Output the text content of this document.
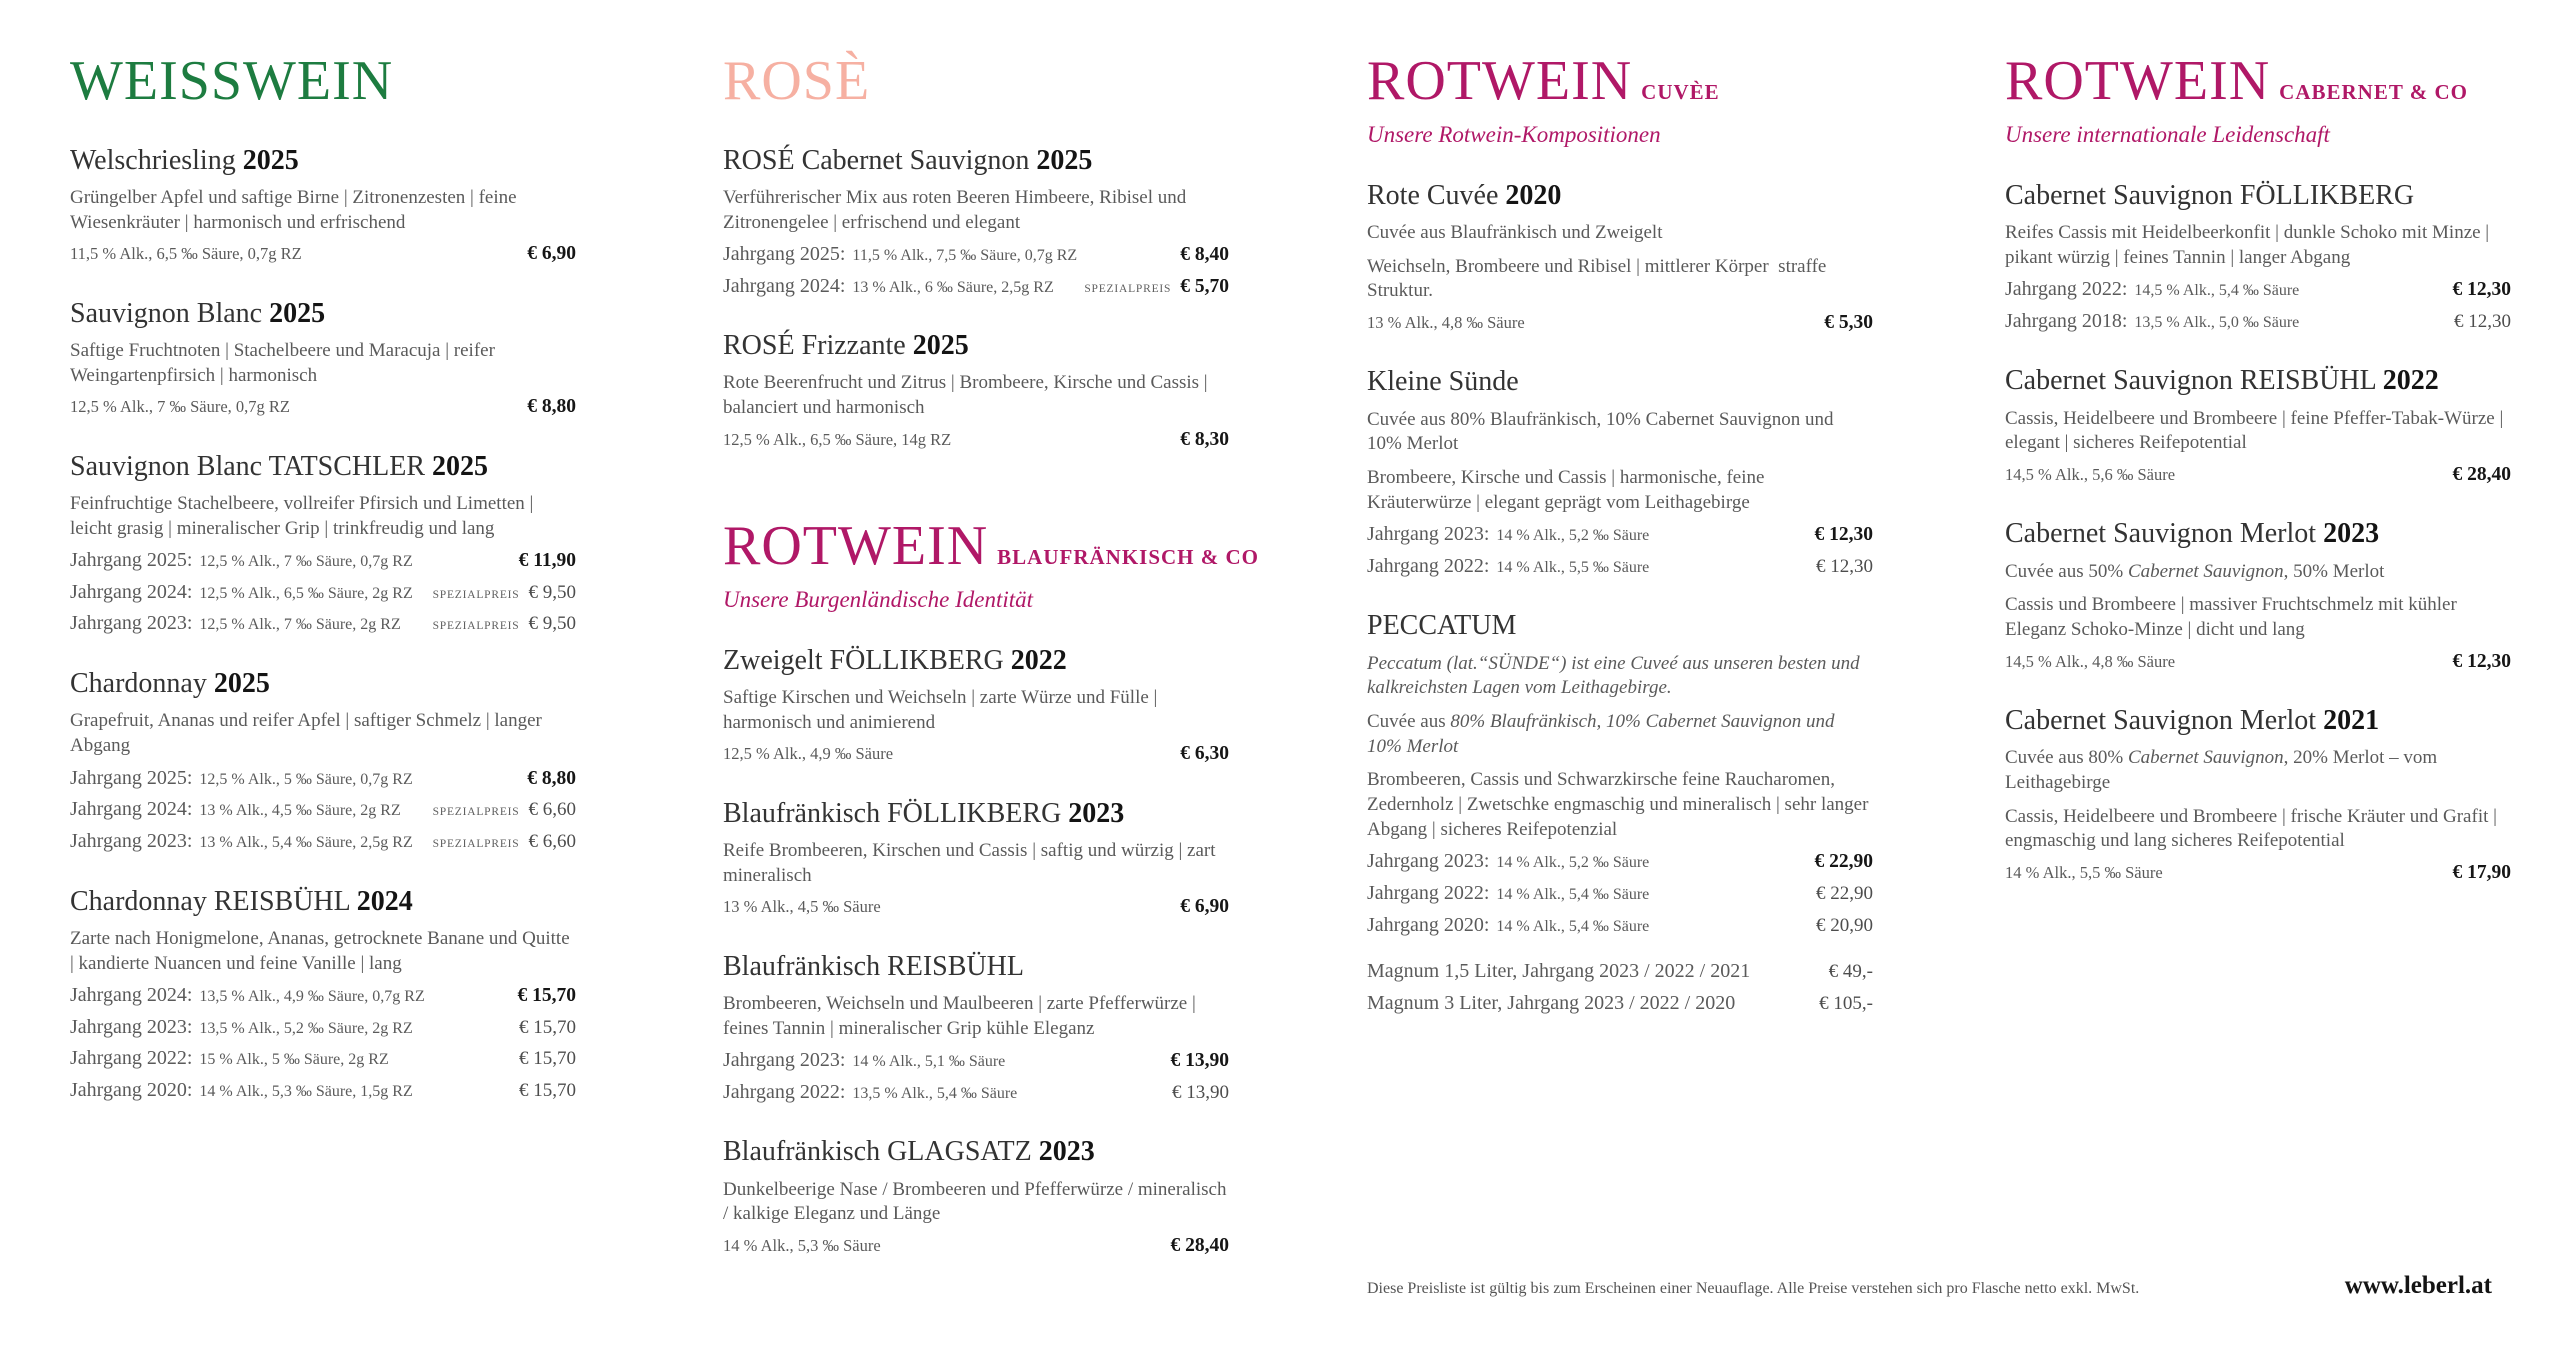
WEISSWEIN
Welschriesling 2025
Grüngelber Apfel und saftige Birne | Zitronenzesten | feine Wiesenkräuter | harmonisch und erfrischend
11,5 % Alk., 6,5 ‰ Säure, 0,7g RZ	€ 6,90
Sauvignon Blanc 2025
Saftige Fruchtnoten | Stachelbeere und Maracuja | reifer Weingartenpfirsich | harmonisch
12,5 % Alk., 7 ‰ Säure, 0,7g RZ	€ 8,80
Sauvignon Blanc TATSCHLER 2025
Feinfruchtige Stachelbeere, vollreifer Pfirsich und Limetten | leicht grasig | mineralischer Grip | trinkfreudig und lang
Jahrgang 2025: 12,5 % Alk., 7 ‰ Säure, 0,7g RZ	€ 11,90
Jahrgang 2024: 12,5 % Alk., 6,5 ‰ Säure, 2g RZ SPEZIALPREIS € 9,50
Jahrgang 2023: 12,5 % Alk., 7 ‰ Säure, 2g RZ	SPEZIALPREIS € 9,50
Chardonnay 2025
Grapefruit, Ananas und reifer Apfel | saftiger Schmelz | langer Abgang
Jahrgang 2025: 12,5 % Alk., 5 ‰ Säure, 0,7g RZ	€ 8,80
Jahrgang 2024: 13 % Alk., 4,5 ‰ Säure, 2g RZ	SPEZIALPREIS € 6,60
Jahrgang 2023: 13 % Alk., 5,4 ‰ Säure, 2,5g RZ SPEZIALPREIS € 6,60
Chardonnay REISBÜHL 2024
Zarte nach Honigmelone, Ananas, getrocknete Banane und Quitte | kandierte Nuancen und feine Vanille | lang
Jahrgang 2024: 13,5 % Alk., 4,9 ‰ Säure, 0,7g RZ	€ 15,70
Jahrgang 2023: 13,5 % Alk., 5,2 ‰ Säure, 2g RZ	€ 15,70
Jahrgang 2022: 15 % Alk., 5 ‰ Säure, 2g RZ	€ 15,70
Jahrgang 2020: 14 % Alk., 5,3 ‰ Säure, 1,5g RZ	€ 15,70
ROSÈ
ROSÉ Cabernet Sauvignon 2025
Verführerischer Mix aus roten Beeren Himbeere, Ribisel und Zitronengelee | erfrischend und elegant
Jahrgang 2025: 11,5 % Alk., 7,5 ‰ Säure, 0,7g RZ	€ 8,40
Jahrgang 2024: 13 % Alk., 6 ‰ Säure, 2,5g RZ	SPEZIALPREIS € 5,70
ROSÉ Frizzante 2025
Rote Beerenfrucht und Zitrus | Brombeere, Kirsche und Cassis | balanciert und harmonisch
12,5 % Alk., 6,5 ‰ Säure, 14g RZ	€ 8,30
ROTWEIN BLAUFRÄNKISCH & CO
Unsere Burgenländische Identität
Zweigelt FÖLLIKBERG 2022
Saftige Kirschen und Weichseln | zarte Würze und Fülle | harmonisch und animierend
12,5 % Alk., 4,9 ‰ Säure	€ 6,30
Blaufränkisch FÖLLIKBERG 2023
Reife Brombeeren, Kirschen und Cassis | saftig und würzig | zart mineralisch
13 % Alk., 4,5 ‰ Säure	€ 6,90
Blaufränkisch REISBÜHL
Brombeeren, Weichseln und Maulbeeren | zarte Pfefferwürze | feines Tannin | mineralischer Grip kühle Eleganz
Jahrgang 2023: 14 % Alk., 5,1 ‰ Säure	€ 13,90
Jahrgang 2022: 13,5 % Alk., 5,4 ‰ Säure	€ 13,90
Blaufränkisch GLAGSATZ 2023
Dunkelbeerige Nase / Brombeeren und Pfefferwürze / mineralisch / kalkige Eleganz und Länge
14 % Alk., 5,3 ‰ Säure	€ 28,40
ROTWEIN CUVÈE
Unsere Rotwein-Kompositionen
Rote Cuvée 2020
Cuvée aus Blaufränkisch und Zweigelt
Weichseln, Brombeere und Ribisel | mittlerer Körper  straffe Struktur.
13 % Alk., 4,8 ‰ Säure	€ 5,30
Kleine Sünde
Cuvée aus 80% Blaufränkisch, 10% Cabernet Sauvignon und 10% Merlot
Brombeere, Kirsche und Cassis | harmonische, feine Kräuterwürze | elegant geprägt vom Leithagebirge
Jahrgang 2023: 14 % Alk., 5,2 ‰ Säure	€ 12,30
Jahrgang 2022: 14 % Alk., 5,5 ‰ Säure	€ 12,30
PECCATUM
Peccatum (lat.“SÜNDE“) ist eine Cuveé aus unseren besten und kalkreichsten Lagen vom Leithagebirge.
Cuvée aus 80% Blaufränkisch, 10% Cabernet Sauvignon und 10% Merlot
Brombeeren, Cassis und Schwarzkirsche feine Raucharomen, Zedernholz | Zwetschke engmaschig und mineralisch | sehr langer Abgang | sicheres Reifepotenzial
Jahrgang 2023: 14 % Alk., 5,2 ‰ Säure	€ 22,90
Jahrgang 2022: 14 % Alk., 5,4 ‰ Säure	€ 22,90
Jahrgang 2020: 14 % Alk., 5,4 ‰ Säure	€ 20,90
Magnum 1,5 Liter, Jahrgang 2023 / 2022 / 2021	€ 49,-
Magnum 3 Liter, Jahrgang 2023 / 2022 / 2020	€ 105,-
ROTWEIN CABERNET & CO
Unsere internationale Leidenschaft
Cabernet Sauvignon FÖLLIKBERG
Reifes Cassis mit Heidelbeerkonfit | dunkle Schoko mit Minze | pikant würzig | feines Tannin | langer Abgang
Jahrgang 2022: 14,5 % Alk., 5,4 ‰ Säure	€ 12,30
Jahrgang 2018: 13,5 % Alk., 5,0 ‰ Säure	€ 12,30
Cabernet Sauvignon REISBÜHL 2022
Cassis, Heidelbeere und Brombeere | feine Pfeffer-Tabak-Würze | elegant | sicheres Reifepotential
14,5 % Alk., 5,6 ‰ Säure	€ 28,40
Cabernet Sauvignon Merlot 2023
Cuvée aus 50% Cabernet Sauvignon, 50% Merlot
Cassis und Brombeere | massiver Fruchtschmelz mit kühler Eleganz Schoko-Minze | dicht und lang
14,5 % Alk., 4,8 ‰ Säure	€ 12,30
Cabernet Sauvignon Merlot 2021
Cuvée aus 80% Cabernet Sauvignon, 20% Merlot – vom Leithagebirge
Cassis, Heidelbeere und Brombeere | frische Kräuter und Grafit | engmaschig und lang sicheres Reifepotential
14 % Alk., 5,5 ‰ Säure	€ 17,90
Diese Preisliste ist gültig bis zum Erscheinen einer Neuauflage. Alle Preise verstehen sich pro Flasche netto exkl. MwSt.	www.leberl.at
